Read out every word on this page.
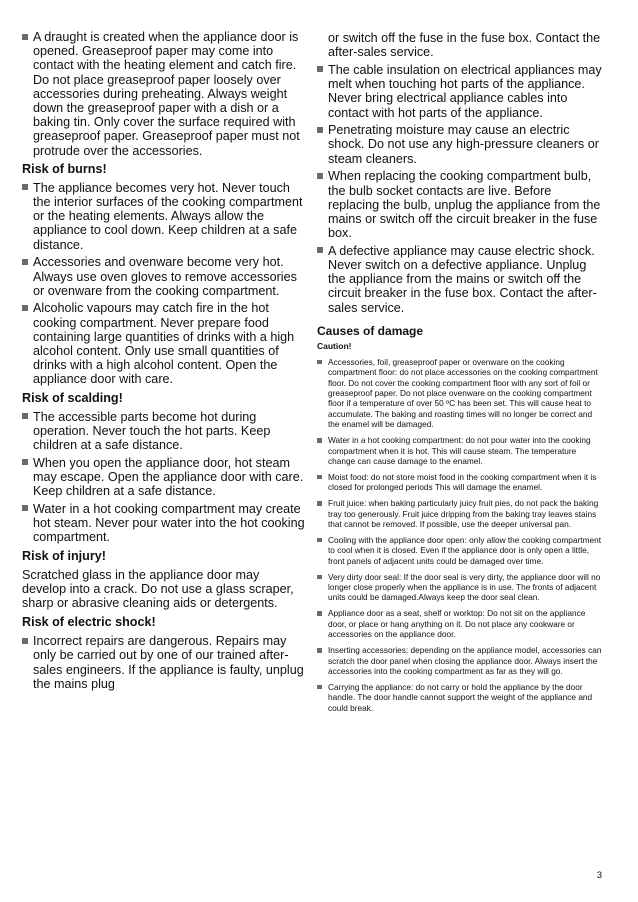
A draught is created when the appliance door is opened. Greaseproof paper may come into contact with the heating element and catch fire. Do not place greaseproof paper loosely over accessories during preheating. Always weight down the greaseproof paper with a dish or a baking tin. Only cover the surface required with greaseproof paper. Greaseproof paper must not protrude over the accessories.
Risk of burns!
The appliance becomes very hot. Never touch the interior surfaces of the cooking compartment or the heating elements. Always allow the appliance to cool down. Keep children at a safe distance.
Accessories and ovenware become very hot. Always use oven gloves to remove accessories or ovenware from the cooking compartment.
Alcoholic vapours may catch fire in the hot cooking compartment. Never prepare food containing large quantities of drinks with a high alcohol content. Only use small quantities of drinks with a high alcohol content. Open the appliance door with care.
Risk of scalding!
The accessible parts become hot during operation. Never touch the hot parts. Keep children at a safe distance.
When you open the appliance door, hot steam may escape. Open the appliance door with care. Keep children at a safe distance.
Water in a hot cooking compartment may create hot steam. Never pour water into the hot cooking compartment.
Risk of injury!
Scratched glass in the appliance door may develop into a crack. Do not use a glass scraper, sharp or abrasive cleaning aids or detergents.
Risk of electric shock!
Incorrect repairs are dangerous. Repairs may only be carried out by one of our trained after-sales engineers. If the appliance is faulty, unplug the mains plug
or switch off the fuse in the fuse box. Contact the after-sales service.
The cable insulation on electrical appliances may melt when touching hot parts of the appliance. Never bring electrical appliance cables into contact with hot parts of the appliance.
Penetrating moisture may cause an electric shock. Do not use any high-pressure cleaners or steam cleaners.
When replacing the cooking compartment bulb, the bulb socket contacts are live. Before replacing the bulb, unplug the appliance from the mains or switch off the circuit breaker in the fuse box.
A defective appliance may cause electric shock. Never switch on a defective appliance. Unplug the appliance from the mains or switch off the circuit breaker in the fuse box. Contact the after-sales service.
Causes of damage
Caution!
Accessories, foil, greaseproof paper or ovenware on the cooking compartment floor: do not place accessories on the cooking compartment floor. Do not cover the cooking compartment floor with any sort of foil or greaseproof paper. Do not place ovenware on the cooking compartment floor if a temperature of over 50 ºC has been set. This will cause heat to accumulate. The baking and roasting times will no longer be correct and the enamel will be damaged.
Water in a hot cooking compartment: do not pour water into the cooking compartment when it is hot. This will cause steam. The temperature change can cause damage to the enamel.
Moist food: do not store moist food in the cooking compartment when it is closed for prolonged periods This will damage the enamel.
Fruit juice: when baking particularly juicy fruit pies, do not pack the baking tray too generously. Fruit juice dripping from the baking tray leaves stains that cannot be removed. If possible, use the deeper universal pan.
Cooling with the appliance door open: only allow the cooking compartment to cool when it is closed. Even if the appliance door is only open a little, front panels of adjacent units could be damaged over time.
Very dirty door seal: If the door seal is very dirty, the appliance door will no longer close properly when the appliance is in use. The fronts of adjacent units could be damaged.Always keep the door seal clean.
Appliance door as a seat, shelf or worktop: Do not sit on the appliance door, or place or hang anything on it. Do not place any cookware or accessories on the appliance door.
Inserting accessories: depending on the appliance model, accessories can scratch the door panel when closing the appliance door. Always insert the accessories into the cooking compartment as far as they will go.
Carrying the appliance: do not carry or hold the appliance by the door handle. The door handle cannot support the weight of the appliance and could break.
3
